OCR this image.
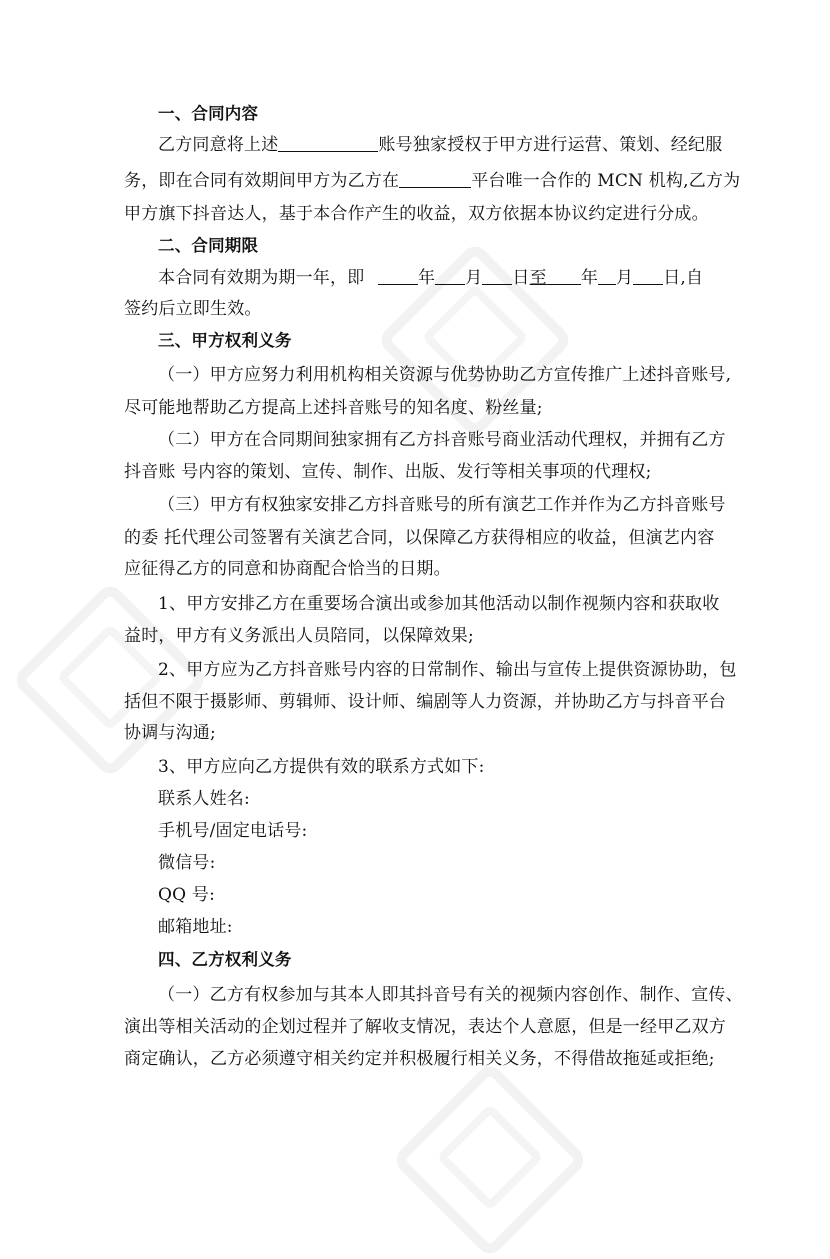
一、合同内容
乙方同意将上述	账号独家授权于甲方进行运营、策划、经纪服
务，即在合同有效期间甲方为乙方在	平台唯一合作的 MCN 机构,乙方为
甲方旗下抖音达人，基于本合作产生的收益，双方依据本协议约定进行分成。
二、合同期限
本合同有效期为期一年，即	年 月 日至 年 月 日,自
签约后立即生效。
三、甲方权利义务
（一）甲方应努力利用机构相关资源与优势协助乙方宣传推广上述抖音账号,
尽可能地帮助乙方提高上述抖音账号的知名度、粉丝量;
（二）甲方在合同期间独家拥有乙方抖音账号商业活动代理权，并拥有乙方
抖音账 号内容的策划、宣传、制作、出版、发行等相关事项的代理权;
（三）甲方有权独家安排乙方抖音账号的所有演艺工作并作为乙方抖音账号
的委 托代理公司签署有关演艺合同，以保障乙方获得相应的收益，但演艺内容
应征得乙方的同意和协商配合恰当的日期。
1、甲方安排乙方在重要场合演出或参加其他活动以制作视频内容和获取收
益时，甲方有义务派出人员陪同，以保障效果;
2、甲方应为乙方抖音账号内容的日常制作、输出与宣传上提供资源协助，包
括但不限于摄影师、剪辑师、设计师、编剧等人力资源，并协助乙方与抖音平台
协调与沟通;
3、甲方应向乙方提供有效的联系方式如下:
联系人姓名:
手机号/固定电话号:
微信号:
QQ 号:
邮箱地址:
四、乙方权利义务
（一）乙方有权参加与其本人即其抖音号有关的视频内容创作、制作、宣传、
演出等相关活动的企划过程并了解收支情况，表达个人意愿，但是一经甲乙双方
商定确认，乙方必须遵守相关约定并积极履行相关义务，不得借故拖延或拒绝;
